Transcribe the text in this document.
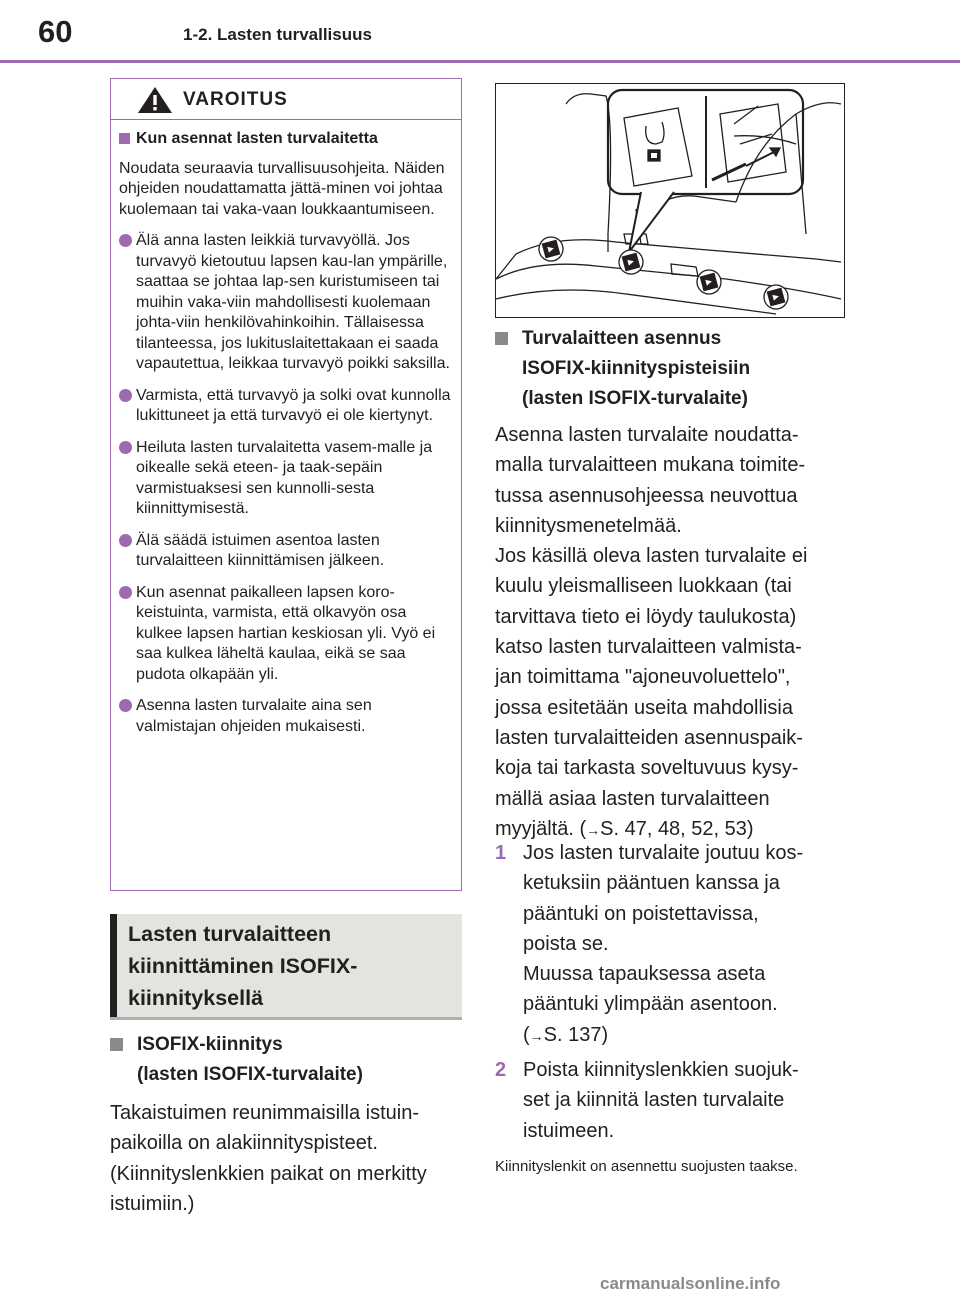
60	1-2. Lasten turvallisuus
VAROITUS
Kun asennat lasten turvalaitetta
Noudata seuraavia turvallisuusohjeita. Näiden ohjeiden noudattamatta jättä-minen voi johtaa kuolemaan tai vaka-vaan loukkaantumiseen.
Älä anna lasten leikkiä turvavyöllä. Jos turvavyö kietoutuu lapsen kau-lan ympärille, saattaa se johtaa lap-sen kuristumiseen tai muihin vaka-viin mahdollisesti kuolemaan johta-viin henkilövahinkoihin. Tällaisessa tilanteessa, jos lukituslaitettakaan ei saada vapautettua, leikkaa turvavyö poikki saksilla.
Varmista, että turvavyö ja solki ovat kunnolla lukittuneet ja että turvavyö ei ole kiertynyt.
Heiluta lasten turvalaitetta vasem-malle ja oikealle sekä eteen- ja taak-sepäin varmistuaksesi sen kunnolli-sesta kiinnittymisestä.
Älä säädä istuimen asentoa lasten turvalaitteen kiinnittämisen jälkeen.
Kun asennat paikalleen lapsen koro-keistuinta, varmista, että olkavyön osa kulkee lapsen hartian keskiosan yli. Vyö ei saa kulkea läheltä kaulaa, eikä se saa pudota olkapään yli.
Asenna lasten turvalaite aina sen valmistajan ohjeiden mukaisesti.
Lasten turvalaitteen
kiinnittäminen ISOFIX-
kiinnityksellä
ISOFIX-kiinnitys
(lasten ISOFIX-turvalaite)
Takaistuimen reunimmaisilla istuin-
paikoilla on alakiinnityspisteet.
(Kiinnityslenkkien paikat on merkitty
istuimiin.)
Turvalaitteen asennus
ISOFIX-kiinnityspisteisiin
(lasten ISOFIX-turvalaite)
Asenna lasten turvalaite noudatta-
malla turvalaitteen mukana toimite-
tussa asennusohjeessa neuvottua
kiinnitysmenetelmää.
Jos käsillä oleva lasten turvalaite ei
kuulu yleismalliseen luokkaan (tai
tarvittava tieto ei löydy taulukosta)
katso lasten turvalaitteen valmista-
jan toimittama "ajoneuvoluettelo",
jossa esitetään useita mahdollisia
lasten turvalaitteiden asennuspaik-
koja tai tarkasta soveltuvuus kysy-
mällä asiaa lasten turvalaitteen
myyjältä. (→S. 47, 48, 52, 53)
1 Jos lasten turvalaite joutuu kos-
ketuksiin pääntuen kanssa ja
pääntuki on poistettavissa,
poista se.
Muussa tapauksessa aseta
pääntuki ylimpään asentoon.
(→S. 137)
2 Poista kiinnityslenkkien suojuk-
set ja kiinnitä lasten turvalaite
istuimeen.
Kiinnityslenkit on asennettu suojusten taakse.
carmanualsonline.info
